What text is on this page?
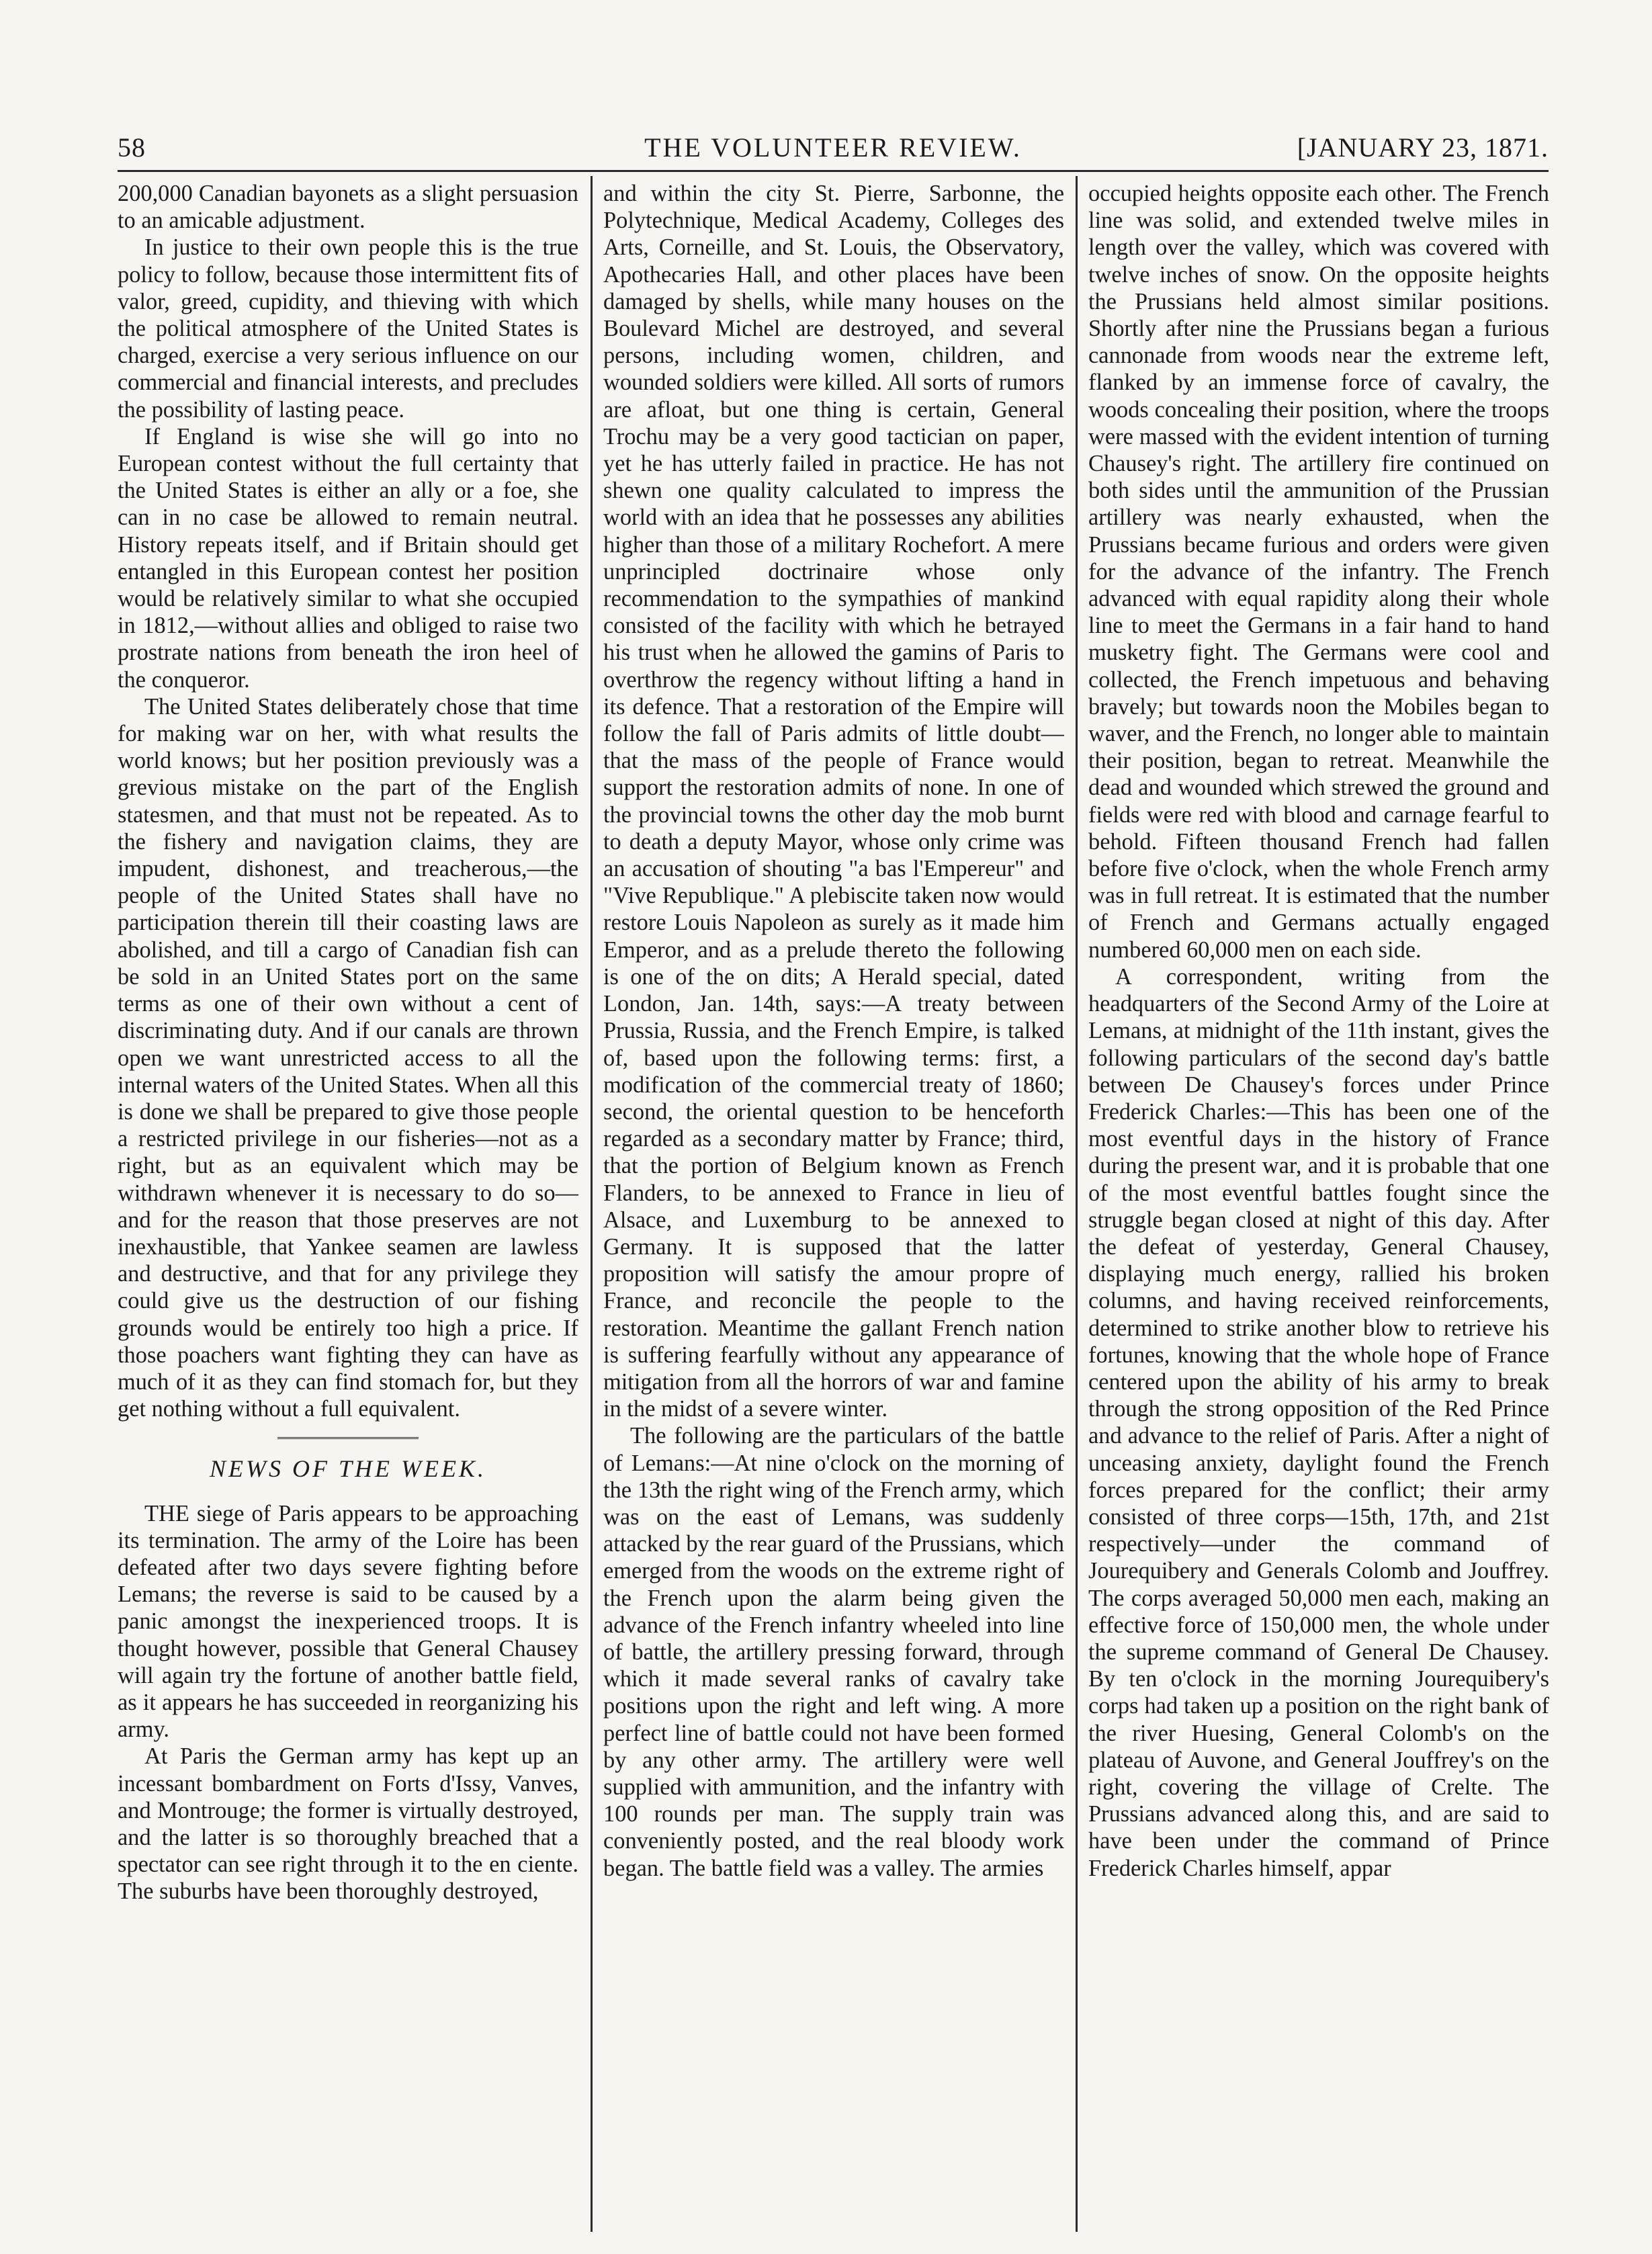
58	THE VOLUNTEER REVIEW.	[JANUARY 23, 1871.

200,000 Canadian bayonets as a slight persuasion to an amicable adjustment.

In justice to their own people this is the true policy to follow, because those intermittent fits of valor, greed, cupidity, and thieving with which the political atmosphere of the United States is charged, exercise a very serious influence on our commercial and financial interests, and precludes the possibility of lasting peace.

If England is wise she will go into no European contest without the full certainty that the United States is either an ally or a foe, she can in no case be allowed to remain neutral. History repeats itself, and if Britain should get entangled in this European contest her position would be relatively similar to what she occupied in 1812,—without allies and obliged to raise two prostrate nations from beneath the iron heel of the conqueror.

The United States deliberately chose that time for making war on her, with what results the world knows; but her position previously was a grevious mistake on the part of the English statesmen, and that must not be repeated. As to the fishery and navigation claims, they are impudent, dishonest, and treacherous,—the people of the United States shall have no participation therein till their coasting laws are abolished, and till a cargo of Canadian fish can be sold in an United States port on the same terms as one of their own without a cent of discriminating duty. And if our canals are thrown open we want unrestricted access to all the internal waters of the United States. When all this is done we shall be prepared to give those people a restricted privilege in our fisheries—not as a right, but as an equivalent which may be withdrawn whenever it is necessary to do so—and for the reason that those preserves are not inexhaustible, that Yankee seamen are lawless and destructive, and that for any privilege they could give us the destruction of our fishing grounds would be entirely too high a price. If those poachers want fighting they can have as much of it as they can find stomach for, but they get nothing without a full equivalent.

NEWS OF THE WEEK.

THE siege of Paris appears to be approaching its termination. The army of the Loire has been defeated after two days severe fighting before Lemans; the reverse is said to be caused by a panic amongst the inexperienced troops. It is thought however, possible that General Chausey will again try the fortune of another battle field, as it appears he has succeeded in reorganizing his army.

At Paris the German army has kept up an incessant bombardment on Forts d'Issy, Vanves, and Montrouge; the former is virtually destroyed, and the latter is so thoroughly breached that a spectator can see right through it to the en ciente. The suburbs have been thoroughly destroyed,

and within the city St. Pierre, Sarbonne, the Polytechnique, Medical Academy, Colleges des Arts, Corneille, and St. Louis, the Observatory, Apothecaries Hall, and other places have been damaged by shells, while many houses on the Boulevard Michel are destroyed, and several persons, including women, children, and wounded soldiers were killed. All sorts of rumors are afloat, but one thing is certain, General Trochu may be a very good tactician on paper, yet he has utterly failed in practice. He has not shewn one quality calculated to impress the world with an idea that he possesses any abilities higher than those of a military Rochefort. A mere unprincipled doctrinaire whose only recommendation to the sympathies of mankind consisted of the facility with which he betrayed his trust when he allowed the gamins of Paris to overthrow the regency without lifting a hand in its defence. That a restoration of the Empire will follow the fall of Paris admits of little doubt—that the mass of the people of France would support the restoration admits of none. In one of the provincial towns the other day the mob burnt to death a deputy Mayor, whose only crime was an accusation of shouting "a bas l'Empereur" and "Vive Republique." A plebiscite taken now would restore Louis Napoleon as surely as it made him Emperor, and as a prelude thereto the following is one of the on dits; A Herald special, dated London, Jan. 14th, says:—A treaty between Prussia, Russia, and the French Empire, is talked of, based upon the following terms: first, a modification of the commercial treaty of 1860; second, the oriental question to be henceforth regarded as a secondary matter by France; third, that the portion of Belgium known as French Flanders, to be annexed to France in lieu of Alsace, and Luxemburg to be annexed to Germany. It is supposed that the latter proposition will satisfy the amour propre of France, and reconcile the people to the restoration. Meantime the gallant French nation is suffering fearfully without any appearance of mitigation from all the horrors of war and famine in the midst of a severe winter.

The following are the particulars of the battle of Lemans:—At nine o'clock on the morning of the 13th the right wing of the French army, which was on the east of Lemans, was suddenly attacked by the rear guard of the Prussians, which emerged from the woods on the extreme right of the French upon the alarm being given the advance of the French infantry wheeled into line of battle, the artillery pressing forward, through which it made several ranks of cavalry take positions upon the right and left wing. A more perfect line of battle could not have been formed by any other army. The artillery were well supplied with ammunition, and the infantry with 100 rounds per man. The supply train was conveniently posted, and the real bloody work began. The battle field was a valley. The armies

occupied heights opposite each other. The French line was solid, and extended twelve miles in length over the valley, which was covered with twelve inches of snow. On the opposite heights the Prussians held almost similar positions. Shortly after nine the Prussians began a furious cannonade from woods near the extreme left, flanked by an immense force of cavalry, the woods concealing their position, where the troops were massed with the evident intention of turning Chausey's right. The artillery fire continued on both sides until the ammunition of the Prussian artillery was nearly exhausted, when the Prussians became furious and orders were given for the advance of the infantry. The French advanced with equal rapidity along their whole line to meet the Germans in a fair hand to hand musketry fight. The Germans were cool and collected, the French impetuous and behaving bravely; but towards noon the Mobiles began to waver, and the French, no longer able to maintain their position, began to retreat. Meanwhile the dead and wounded which strewed the ground and fields were red with blood and carnage fearful to behold. Fifteen thousand French had fallen before five o'clock, when the whole French army was in full retreat. It is estimated that the number of French and Germans actually engaged numbered 60,000 men on each side.

A correspondent, writing from the headquarters of the Second Army of the Loire at Lemans, at midnight of the 11th instant, gives the following particulars of the second day's battle between De Chausey's forces under Prince Frederick Charles:—This has been one of the most eventful days in the history of France during the present war, and it is probable that one of the most eventful battles fought since the struggle began closed at night of this day. After the defeat of yesterday, General Chausey, displaying much energy, rallied his broken columns, and having received reinforcements, determined to strike another blow to retrieve his fortunes, knowing that the whole hope of France centered upon the ability of his army to break through the strong opposition of the Red Prince and advance to the relief of Paris. After a night of unceasing anxiety, daylight found the French forces prepared for the conflict; their army consisted of three corps—15th, 17th, and 21st respectively—under the command of Jourequibery and Generals Colomb and Jouffrey. The corps averaged 50,000 men each, making an effective force of 150,000 men, the whole under the supreme command of General De Chausey. By ten o'clock in the morning Jourequibery's corps had taken up a position on the right bank of the river Huesing, General Colomb's on the plateau of Auvone, and General Jouffrey's on the right, covering the village of Crelte. The Prussians advanced along this, and are said to have been under the command of Prince Frederick Charles himself, appar
